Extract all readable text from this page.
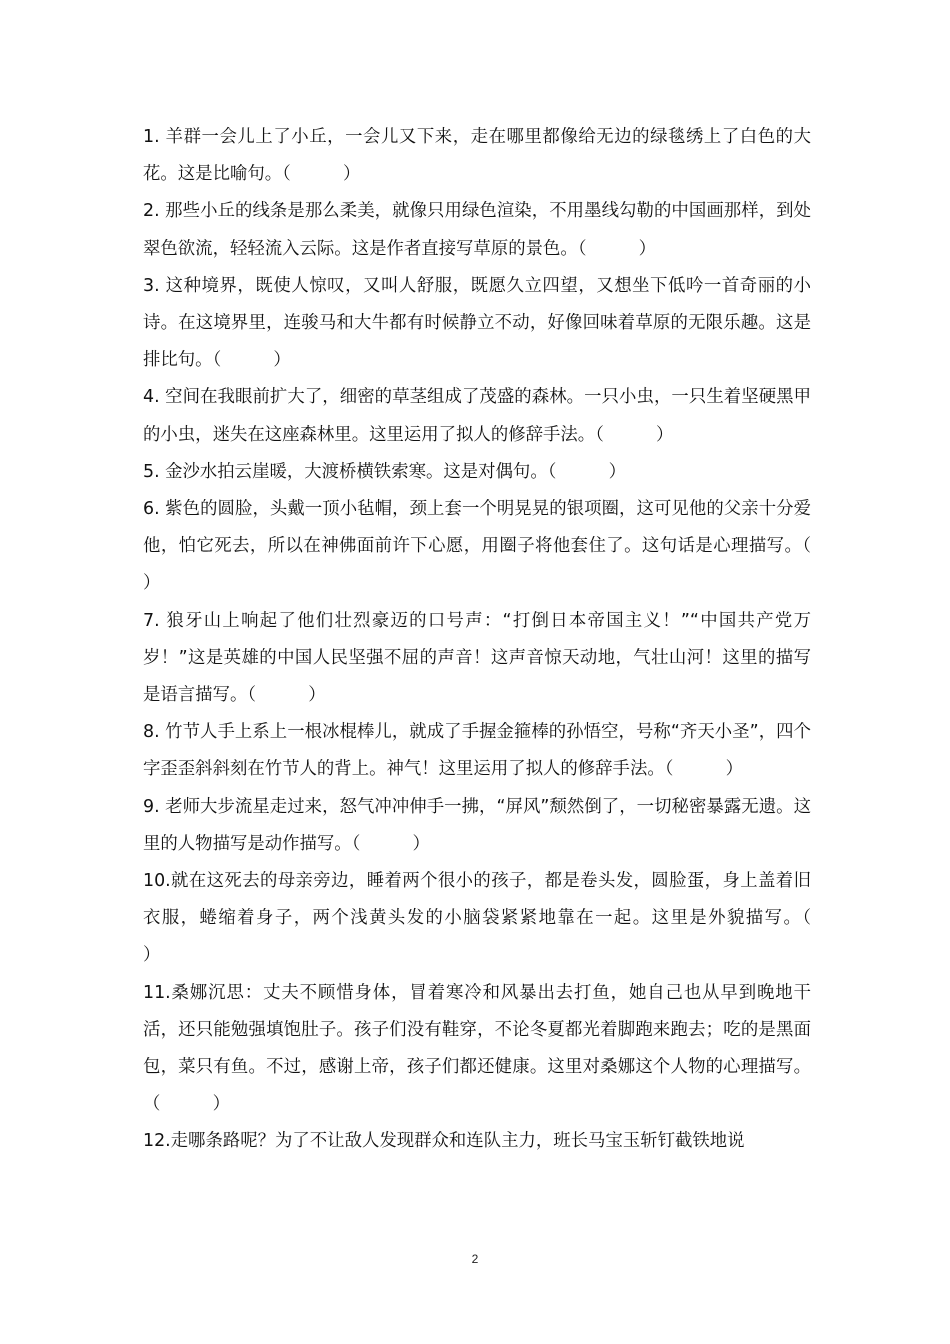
1. 羊群一会儿上了小丘，一会儿又下来，走在哪里都像给无边的绿毯绣上了白色的大花。这是比喻句。（　　　）

2. 那些小丘的线条是那么柔美，就像只用绿色渲染，不用墨线勾勒的中国画那样，到处翠色欲流，轻轻流入云际。这是作者直接写草原的景色。（　　　）

3. 这种境界，既使人惊叹，又叫人舒服，既愿久立四望，又想坐下低吟一首奇丽的小诗。在这境界里，连骏马和大牛都有时候静立不动，好像回味着草原的无限乐趣。这是排比句。（　　　）

4. 空间在我眼前扩大了，细密的草茎组成了茂盛的森林。一只小虫，一只生着坚硬黑甲的小虫，迷失在这座森林里。这里运用了拟人的修辞手法。（　　　）

5. 金沙水拍云崖暖，大渡桥横铁索寒。这是对偶句。（　　　）

6. 紫色的圆脸，头戴一顶小毡帽，颈上套一个明晃晃的银项圈，这可见他的父亲十分爱他，怕它死去，所以在神佛面前许下心愿，用圈子将他套住了。这句话是心理描写。（　　　）

7. 狼牙山上响起了他们壮烈豪迈的口号声：“打倒日本帝国主义！”“中国共产党万岁！”这是英雄的中国人民坚强不屈的声音！这声音惊天动地，气壮山河！这里的描写是语言描写。（　　　）

8. 竹节人手上系上一根冰棍棒儿，就成了手握金箍棒的孙悟空，号称“齐天小圣”，四个字歪歪斜斜刻在竹节人的背上。神气！这里运用了拟人的修辞手法。（　　　）

9. 老师大步流星走过来，怒气冲冲伸手一拂，“屏风”颓然倒了，一切秘密暴露无遗。这里的人物描写是动作描写。（　　　）

10.就在这死去的母亲旁边，睡着两个很小的孩子，都是卷头发，圆脸蛋，身上盖着旧衣服，蜷缩着身子，两个浅黄头发的小脑袋紧紧地靠在一起。这里是外貌描写。（　　　）

11.桑娜沉思：丈夫不顾惜身体，冒着寒冷和风暴出去打鱼，她自己也从早到晚地干活，还只能勉强填饱肚子。孩子们没有鞋穿，不论冬夏都光着脚跑来跑去；吃的是黑面包，菜只有鱼。不过，感谢上帝，孩子们都还健康。这里对桑娜这个人物的心理描写。（　　　）

12.走哪条路呢？为了不让敌人发现群众和连队主力，班长马宝玉斩钉截铁地说

2
